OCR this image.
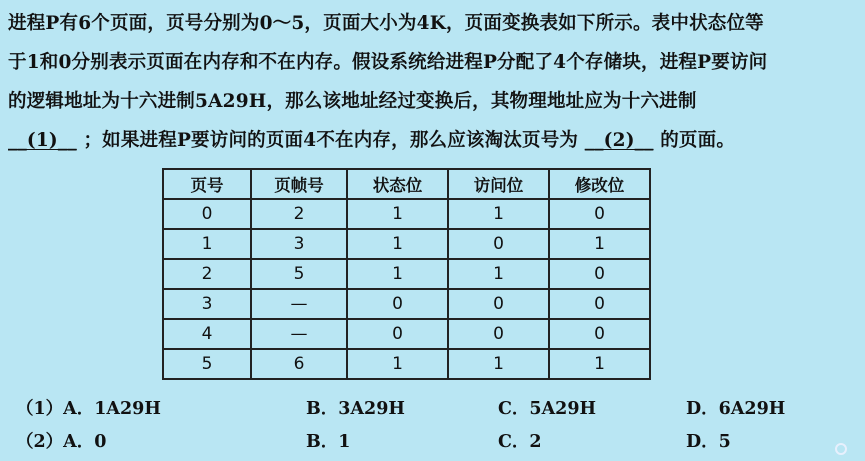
进程P有6个页面，页号分别为0～5，页面大小为4K，页面变换表如下所示。表中状态位等
于1和0分别表示页面在内存和不在内存。假设系统给进程P分配了4个存储块，进程P要访问
的逻辑地址为十六进制5A29H，那么该地址经过变换后，其物理地址应为十六进制
__(1)__ ；如果进程P要访问的页面4不在内存，那么应该淘汰页号为 __(2)__ 的页面。
页号	页帧号	状态位	访问位	修改位
0	2	1	1	0
1	3	1	0	1
2	5	1	1	0
3	—	0	0	0
4	—	0	0	0
5	6	1	1	1
（1）A．1A29H	B．3A29H	C．5A29H	D．6A29H
（2）A．0	B．1	C．2	D．5
